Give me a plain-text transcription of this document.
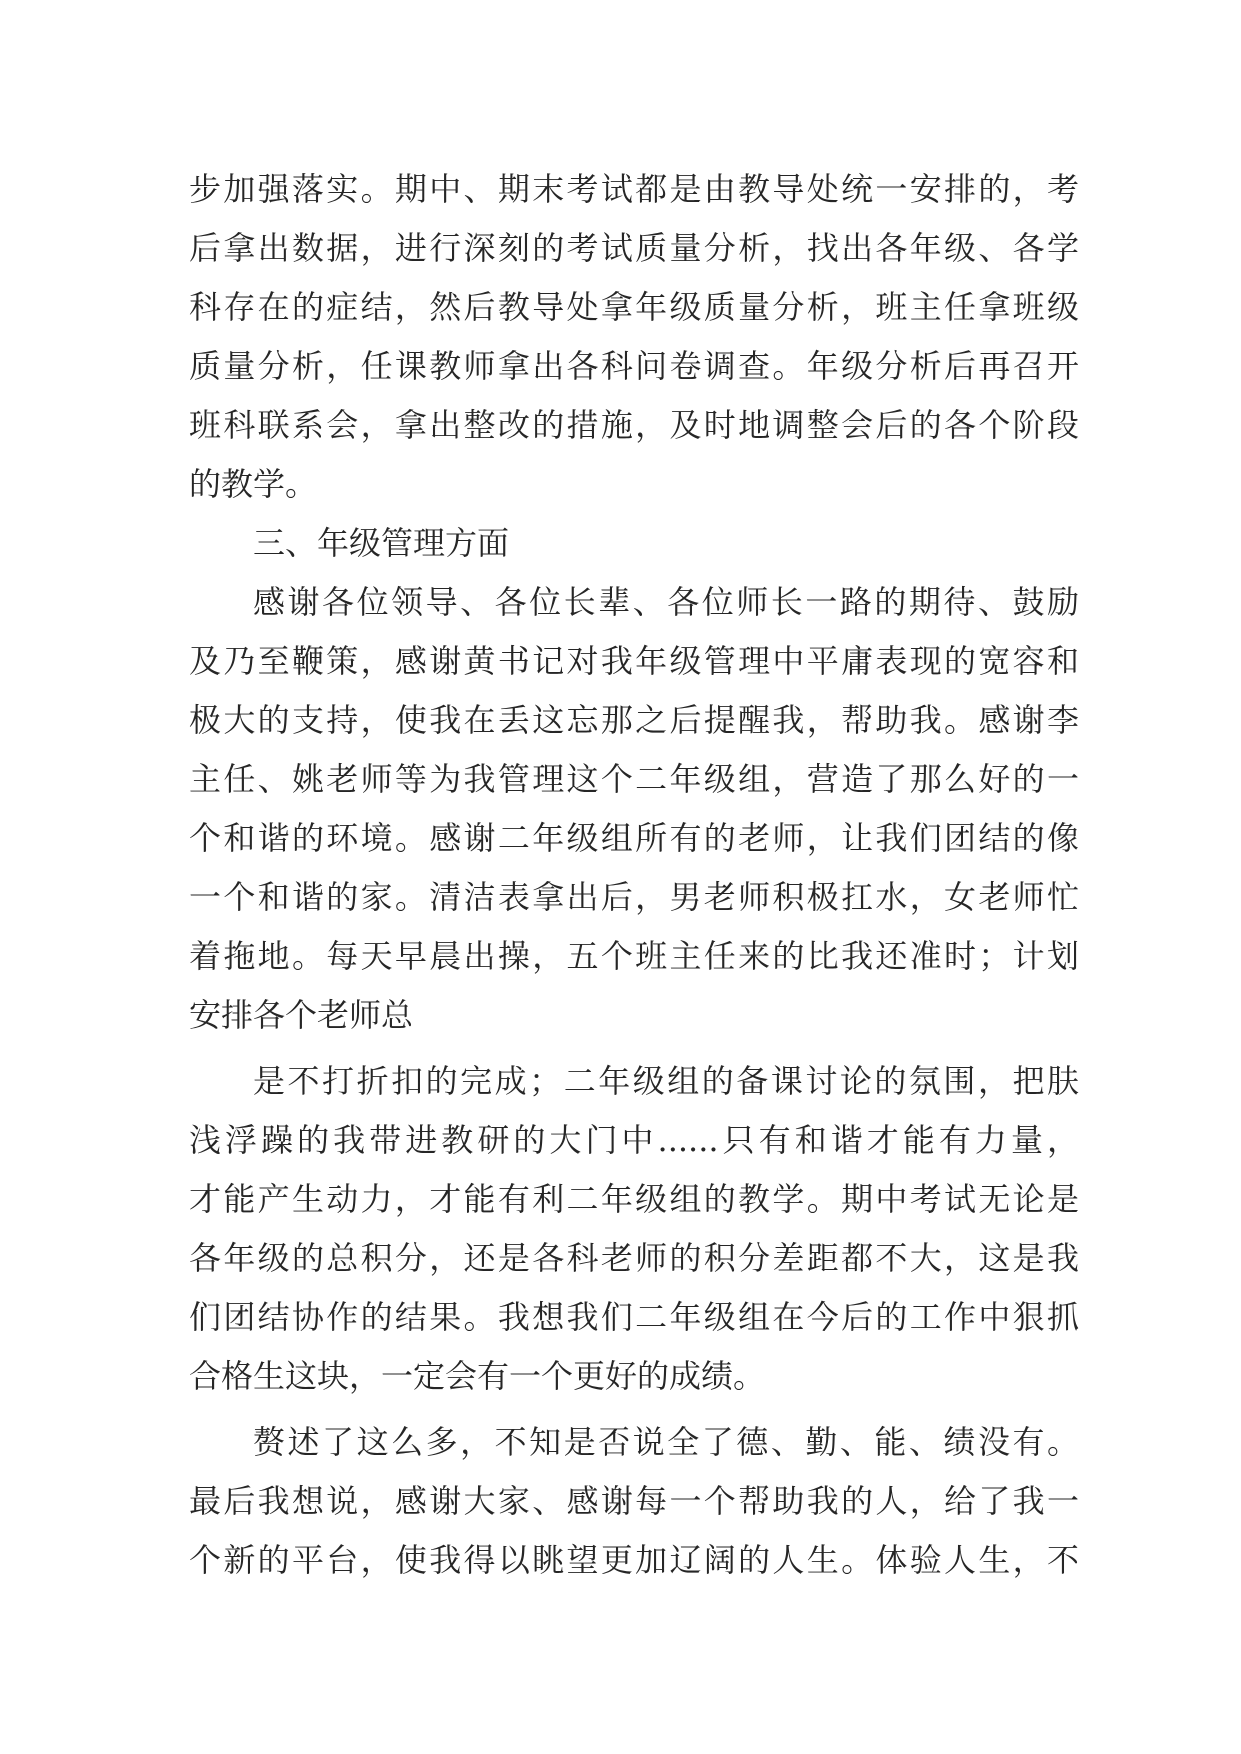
步加强落实。期中、期末考试都是由教导处统一安排的，考
后拿出数据，进行深刻的考试质量分析，找出各年级、各学
科存在的症结，然后教导处拿年级质量分析，班主任拿班级
质量分析，任课教师拿出各科问卷调查。年级分析后再召开
班科联系会，拿出整改的措施，及时地调整会后的各个阶段
的教学。
三、年级管理方面
感谢各位领导、各位长辈、各位师长一路的期待、鼓励
及乃至鞭策，感谢黄书记对我年级管理中平庸表现的宽容和
极大的支持，使我在丢这忘那之后提醒我，帮助我。感谢李
主任、姚老师等为我管理这个二年级组，营造了那么好的一
个和谐的环境。感谢二年级组所有的老师，让我们团结的像
一个和谐的家。清洁表拿出后，男老师积极扛水，女老师忙
着拖地。每天早晨出操，五个班主任来的比我还准时；计划
安排各个老师总
是不打折扣的完成；二年级组的备课讨论的氛围，把肤
浅浮躁的我带进教研的大门中......只有和谐才能有力量，
才能产生动力，才能有利二年级组的教学。期中考试无论是
各年级的总积分，还是各科老师的积分差距都不大，这是我
们团结协作的结果。我想我们二年级组在今后的工作中狠抓
合格生这块，一定会有一个更好的成绩。
赘述了这么多，不知是否说全了德、勤、能、绩没有。
最后我想说，感谢大家、感谢每一个帮助我的人，给了我一
个新的平台，使我得以眺望更加辽阔的人生。体验人生，不
